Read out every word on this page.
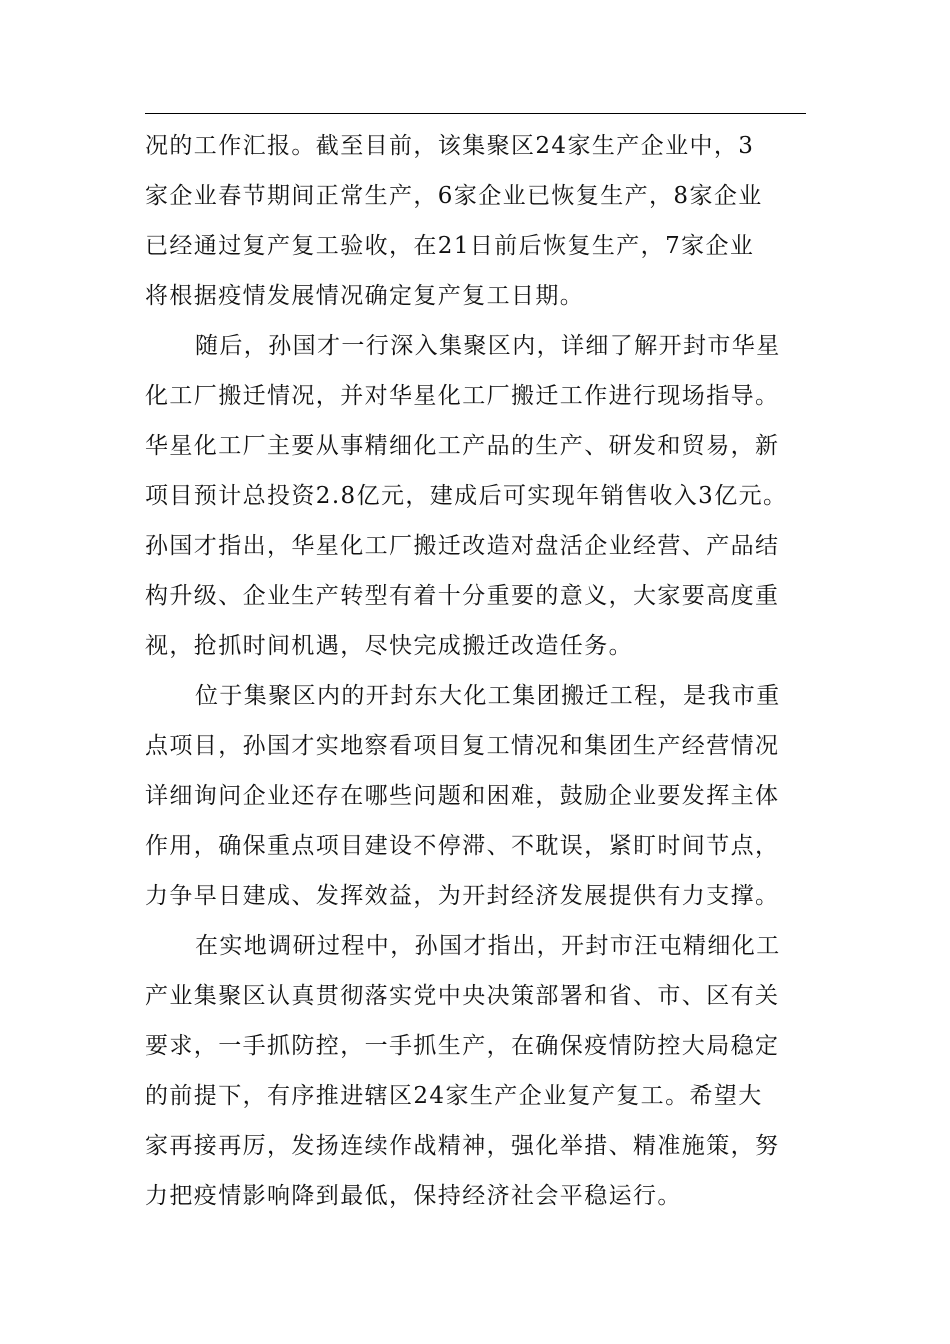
况的工作汇报。截至目前，该集聚区24家生产企业中，3
家企业春节期间正常生产，6家企业已恢复生产，8家企业
已经通过复产复工验收，在21日前后恢复生产，7家企业
将根据疫情发展情况确定复产复工日期。
随后，孙国才一行深入集聚区内，详细了解开封市华星
化工厂搬迁情况，并对华星化工厂搬迁工作进行现场指导。
华星化工厂主要从事精细化工产品的生产、研发和贸易，新
项目预计总投资2.8亿元，建成后可实现年销售收入3亿元。
孙国才指出，华星化工厂搬迁改造对盘活企业经营、产品结
构升级、企业生产转型有着十分重要的意义，大家要高度重
视，抢抓时间机遇，尽快完成搬迁改造任务。
位于集聚区内的开封东大化工集团搬迁工程，是我市重
点项目，孙国才实地察看项目复工情况和集团生产经营情况
详细询问企业还存在哪些问题和困难，鼓励企业要发挥主体
作用，确保重点项目建设不停滞、不耽误，紧盯时间节点，
力争早日建成、发挥效益，为开封经济发展提供有力支撑。
在实地调研过程中，孙国才指出，开封市汪屯精细化工
产业集聚区认真贯彻落实党中央决策部署和省、市、区有关
要求，一手抓防控，一手抓生产，在确保疫情防控大局稳定
的前提下，有序推进辖区24家生产企业复产复工。希望大
家再接再厉，发扬连续作战精神，强化举措、精准施策，努
力把疫情影响降到最低，保持经济社会平稳运行。
